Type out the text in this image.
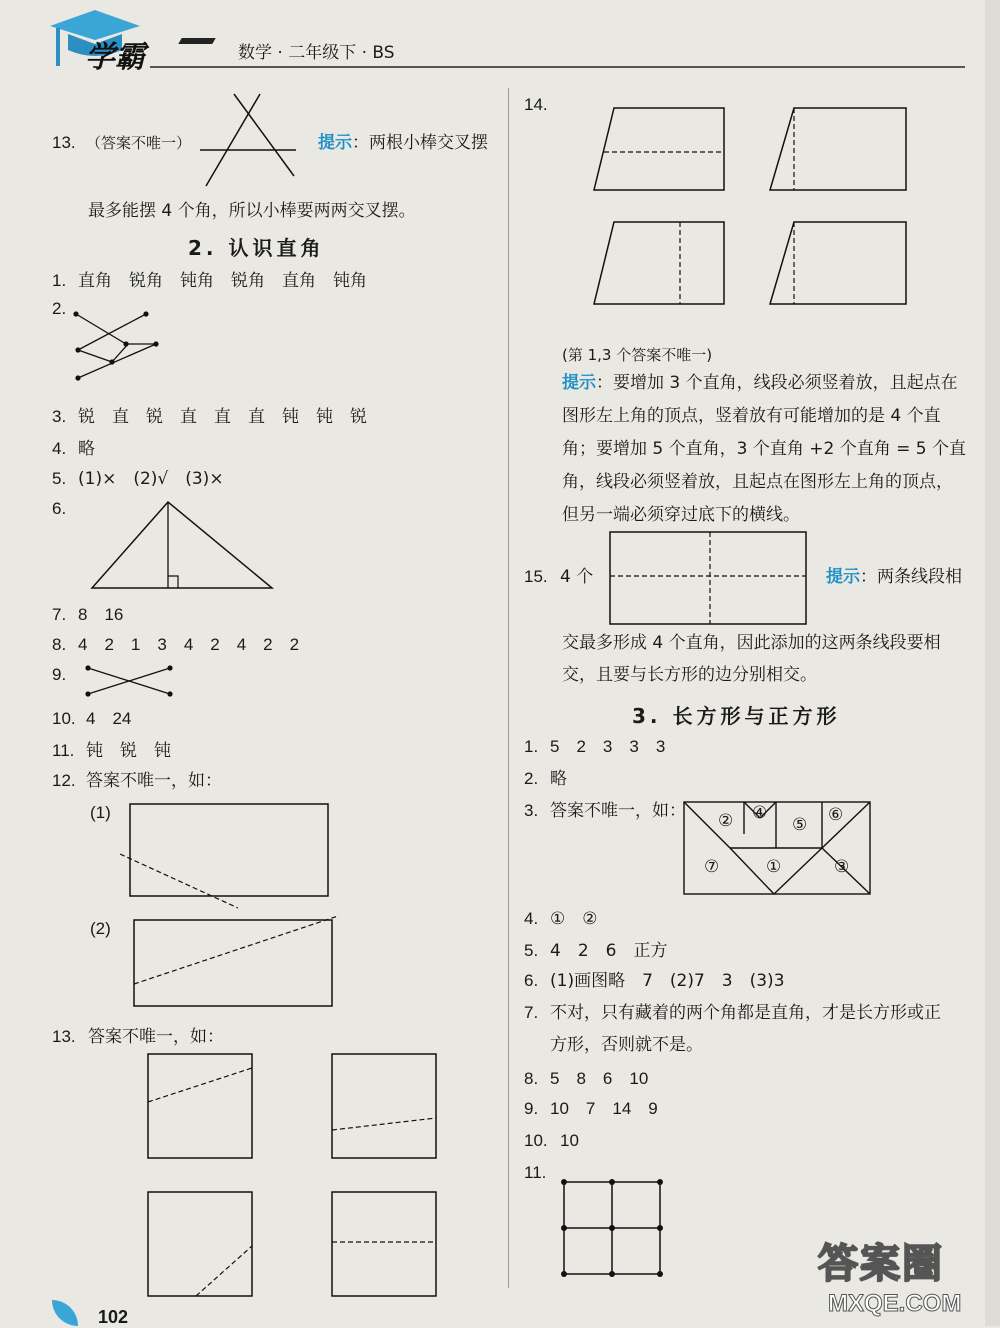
学霸	数学 · 二年级下 · BS
13. （答案不唯一）	提示：两根小棒交叉摆
最多能摆 4 个角，所以小棒要两两交叉摆。
2. 认识直角
1. 直角　锐角　钝角　锐角　直角　钝角
2.
3. 锐　直　锐　直　直　直　钝　钝　锐
4. 略
5. (1)×　(2)√　(3)×
6.
7. 8　16
8. 4　2　1　3　4　2　4　2　2
9.
10. 4　24
11. 钝　锐　钝
12. 答案不唯一，如：
(1)
(2)
13. 答案不唯一，如：
102
14.
(第 1,3 个答案不唯一)
提示：要增加 3 个直角，线段必须竖着放，且起点在
图形左上角的顶点，竖着放有可能增加的是 4 个直
角；要增加 5 个直角，3 个直角 +2 个直角 = 5 个直
角，线段必须竖着放，且起点在图形左上角的顶点，
但另一端必须穿过底下的横线。
15. 4 个	提示：两条线段相
交最多形成 4 个直角，因此添加的这两条线段要相
交，且要与长方形的边分别相交。
3. 长方形与正方形
1. 5　2　3　3　3
2. 略
3. 答案不唯一，如： ② ④
⑤ ⑥
⑦	①	③
4. ①　②
5. 4　2　6　正方
6. (1)画图略　7　(2)7　3　(3)3
7. 不对，只有藏着的两个角都是直角，才是长方形或正
方形，否则就不是。
8. 5　8　6　10
9. 10　7　14　9
10. 10
11.
答案圈
MXQE.COM
